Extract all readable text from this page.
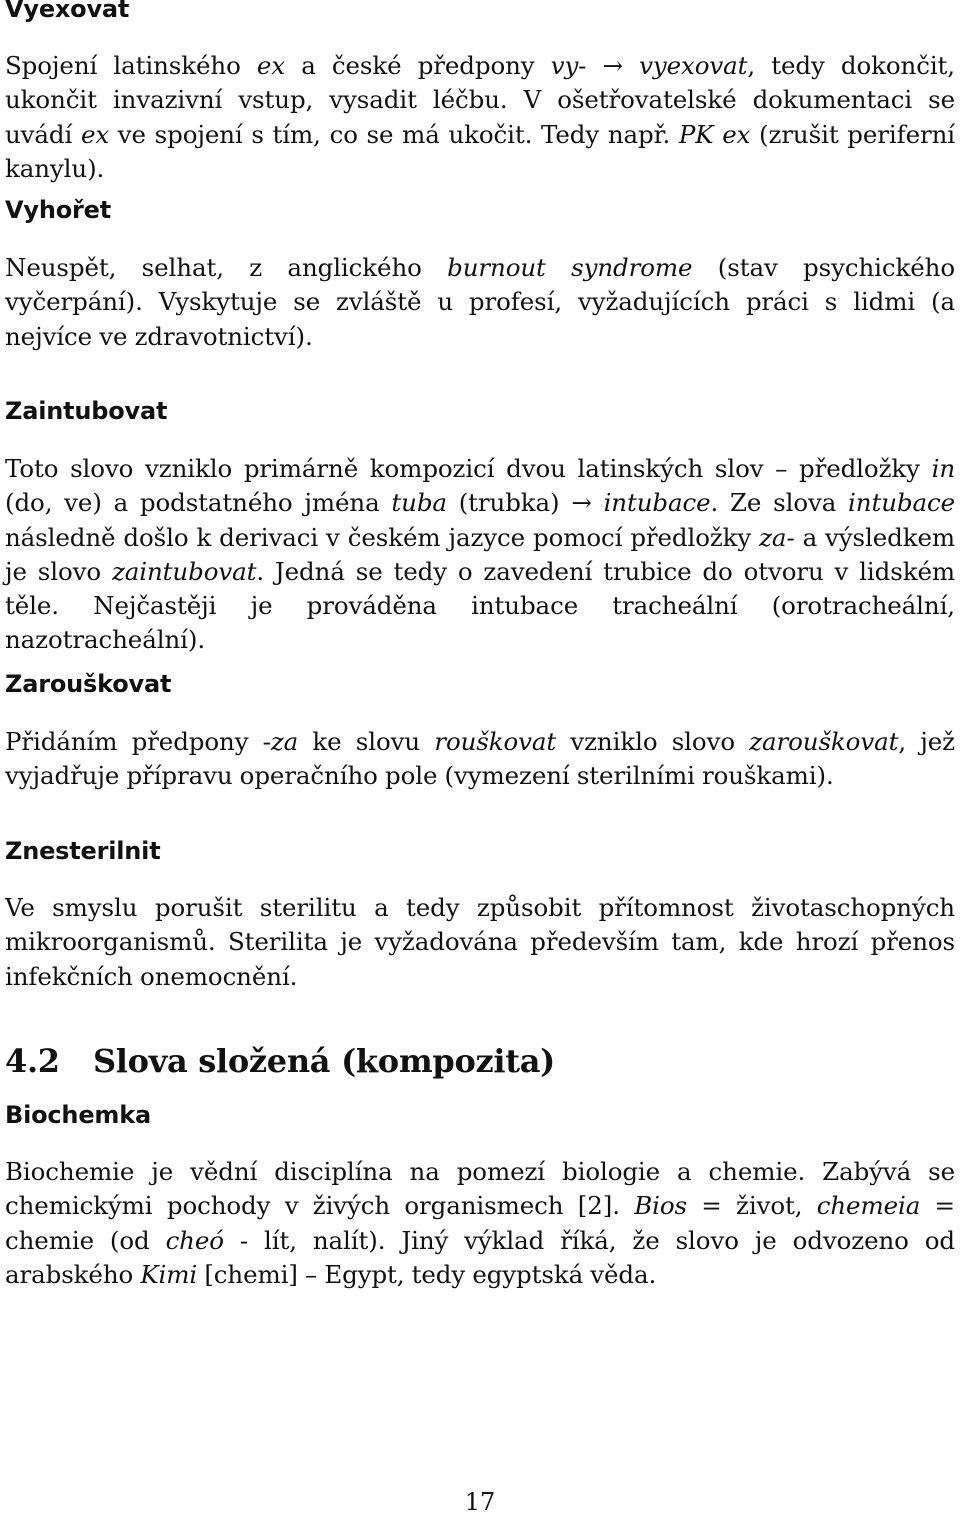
Vyexovat
Spojení latinského ex a české předpony vy- → vyexovat, tedy dokončit, ukončit invazivní vstup, vysadit léčbu. V ošetřovatelské dokumentaci se uvádí ex ve spojení s tím, co se má ukočit. Tedy např. PK ex (zrušit periferní kanylu).
Vyhořet
Neuspět, selhat, z anglického burnout syndrome (stav psychického vyčerpání). Vyskytuje se zvláště u profesí, vyžadujících práci s lidmi (a nejvíce ve zdravotnictví).
Zaintubovat
Toto slovo vzniklo primárně kompozicí dvou latinských slov – předložky in (do, ve) a podstatného jména tuba (trubka) → intubace. Ze slova intubace následně došlo k derivaci v českém jazyce pomocí předložky za- a výsledkem je slovo zaintubovat. Jedná se tedy o zavedení trubice do otvoru v lidském těle. Nejčastěji je prováděna intubace tracheální (orotracheální, nazotracheální).
Zarouškovat
Přidáním předpony -za ke slovu rouškovat vzniklo slovo zarouškovat, jež vyjadřuje přípravu operačního pole (vymezení sterilními rouškami).
Znesterilnit
Ve smyslu porušit sterilitu a tedy způsobit přítomnost životaschopných mikroorganismů. Sterilita je vyžadována především tam, kde hrozí přenos infekčních onemocnění.
4.2 Slova složená (kompozita)
Biochemka
Biochemie je vědní disciplína na pomezí biologie a chemie. Zabývá se chemickými pochody v živých organismech [2]. Bios = život, chemeia = chemie (od cheó - lít, nalít). Jiný výklad říká, že slovo je odvozeno od arabského Kimi [chemi] – Egypt, tedy egyptská věda.
17
